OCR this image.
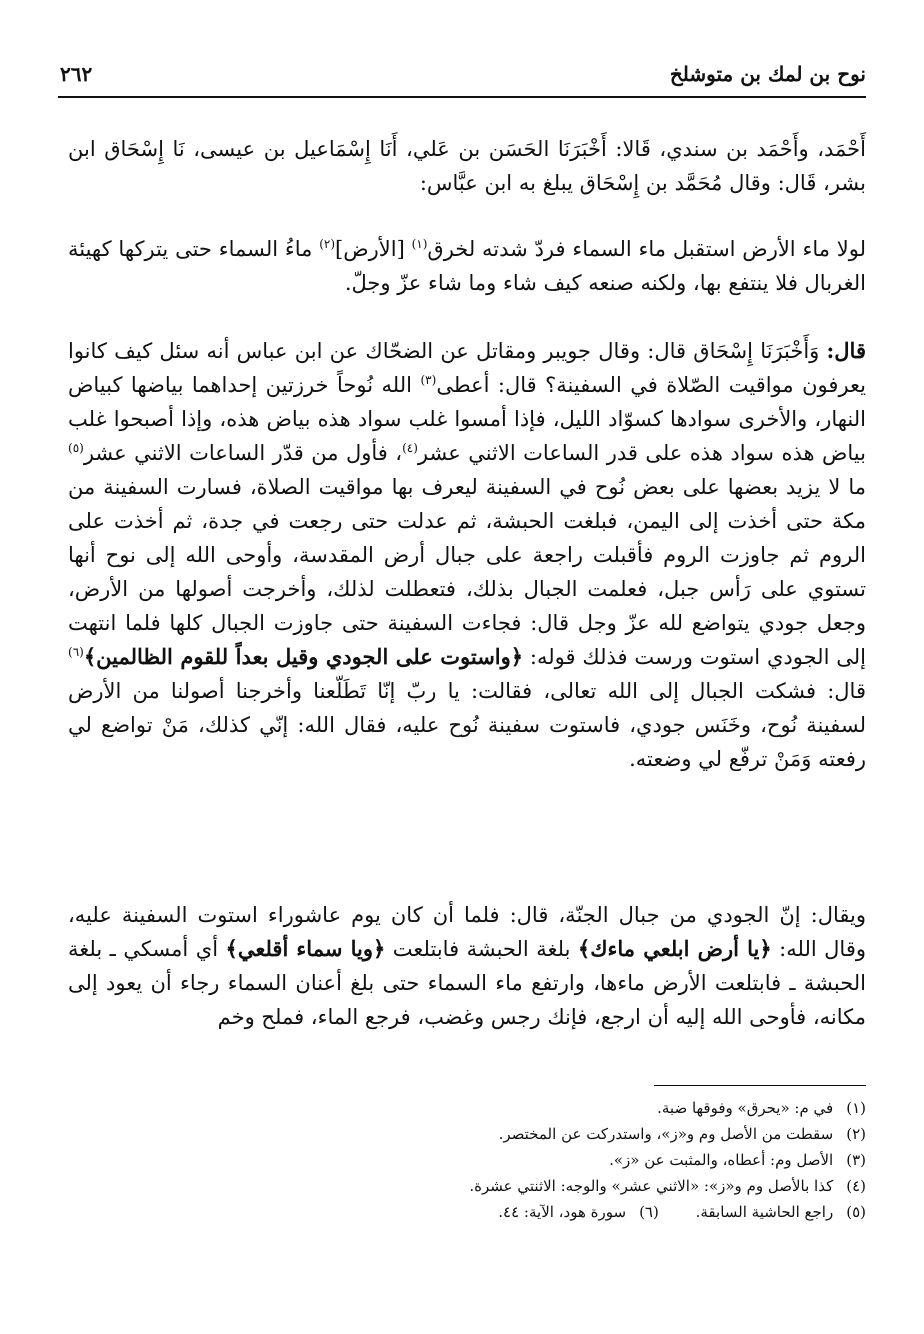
نوح بن لمك بن متوشلخ
٢٦٢

أَحْمَد، وأَحْمَد بن سندي، قَالا: أَخْبَرَنَا الحَسَن بن عَلي، أَنَا إِسْمَاعيل بن عيسى، نَا إِسْحَاق ابن بشر، قَال: وقال مُحَمَّد بن إِسْحَاق يبلغ به ابن عبَّاس:

لولا ماء الأرض استقبل ماء السماء فردّ شدته لخرق$^{(١)}$ [الأرض]$^{(٢)}$ ماءُ السماء حتى يتركها كهيئة الغربال فلا ينتفع بها، ولكنه صنعه كيف شاء وما شاء عزّ وجلّ.

قال: وَأَخْبَرَنَا إِسْحَاق قال: وقال جويبر ومقاتل عن الضحّاك عن ابن عباس أنه سئل كيف كانوا يعرفون مواقيت الصّلاة في السفينة؟ قال: أعطى$^{(٣)}$ الله نُوحاً خرزتين إحداهما بياضها كبياض النهار، والأخرى سوادها كسوّاد الليل، فإذا أمسوا غلب سواد هذه بياض هذه، وإذا أصبحوا غلب بياض هذه سواد هذه على قدر الساعات الاثني عشر$^{(٤)}$، فأول من قدّر الساعات الاثني عشر$^{(٥)}$ ما لا يزيد بعضها على بعض نُوح في السفينة ليعرف بها مواقيت الصلاة، فسارت السفينة من مكة حتى أخذت إلى اليمن، فبلغت الحبشة، ثم عدلت حتى رجعت في جدة، ثم أخذت على الروم ثم جاوزت الروم فأقبلت راجعة على جبال أرض المقدسة، وأوحى الله إلى نوح أنها تستوي على رَأس جبل، فعلمت الجبال بذلك، فتعطلت لذلك، وأخرجت أصولها من الأرض، وجعل جودي يتواضع لله عزّ وجل قال: فجاءت السفينة حتى جاوزت الجبال كلها فلما انتهت إلى الجودي استوت ورست فذلك قوله: ﴿واستوت على الجودي وقيل بعداً للقوم الظالمين﴾$^{(٦)}$ قال: فشكت الجبال إلى الله تعالى، فقالت: يا ربّ إنّا تَطَلّعنا وأخرجنا أصولنا من الأرض لسفينة نُوح، وخَنَس جودي، فاستوت سفينة نُوح عليه، فقال الله: إنّي كذلك، مَنْ تواضع لي رفعته وَمَنْ ترفّع لي وضعته.

ويقال: إنّ الجودي من جبال الجنّة، قال: فلما أن كان يوم عاشوراء استوت السفينة عليه، وقال الله: ﴿يا أرض ابلعي ماءك﴾ بلغة الحبشة فابتلعت ﴿ويا سماء أقلعي﴾ أي أمسكي ـ بلغة الحبشة ـ فابتلعت الأرض ماءها، وارتفع ماء السماء حتى بلغ أعنان السماء رجاء أن يعود إلى مكانه، فأوحى الله إليه أن ارجع، فإنك رجس وغضب، فرجع الماء، فملح وخم

(١) في م: «يحرق» وفوقها ضبة.
(٢) سقطت من الأصل وم و«ز»، واستدركت عن المختصر.
(٣) الأصل وم: أعطاه، والمثبت عن «ز».
(٤) كذا بالأصل وم و«ز»: «الاثني عشر» والوجه: الاثنتي عشرة.
(٥) راجع الحاشية السابقة. (٦) سورة هود، الآية: ٤٤.
